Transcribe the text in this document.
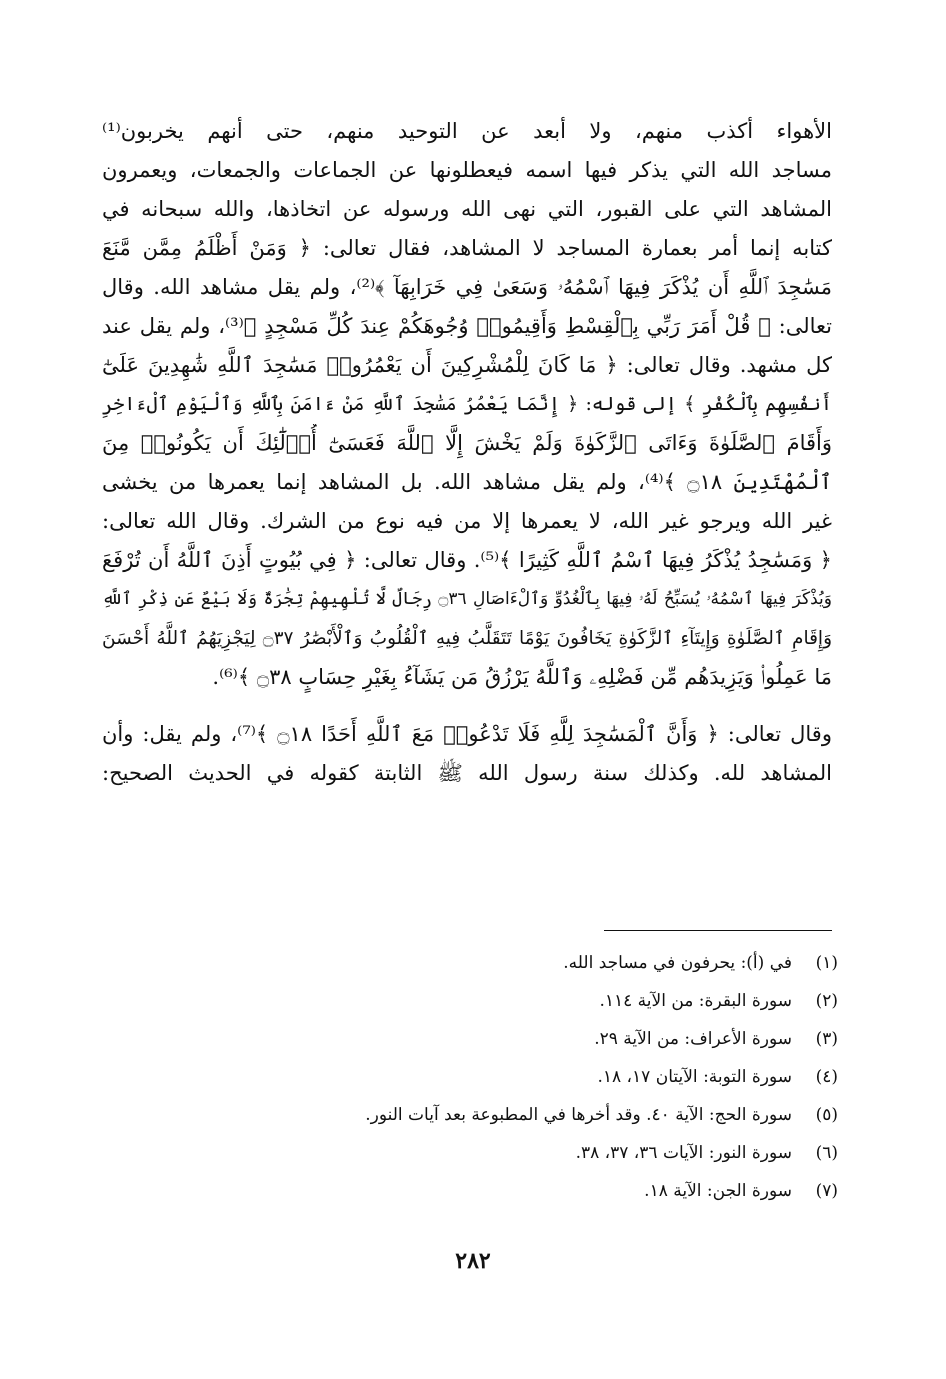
الأهواء أكذب منهم، ولا أبعد عن التوحيد منهم، حتى أنهم يخربون⁽¹⁾
مساجد الله التي يذكر فيها اسمه فيعطلونها عن الجماعات والجمعات، ويعمرون
المشاهد التي على القبور، التي نهى الله ورسوله عن اتخاذها، والله سبحانه في
كتابه إنما أمر بعمارة المساجد لا المشاهد، فقال تعالى: ﴿ وَمَنْ أَظْلَمُ مِمَّن مَّنَعَ
مَسَٰجِدَ ٱللَّهِ أَن يُذْكَرَ فِيهَا ٱسْمُهُۥ وَسَعَىٰ فِي خَرَابِهَآ ﴾⁽²⁾، ولم يقل مشاهد الله. وقال
تعالى: ﴿ قُلْ أَمَرَ رَبِّي بِٱلْقِسْطِ وَأَقِيمُوا۟ وُجُوهَكُمْ عِندَ كُلِّ مَسْجِدٍ ﴾⁽³⁾، ولم يقل عند
كل مشهد. وقال تعالى: ﴿ مَا كَانَ لِلْمُشْرِكِينَ أَن يَعْمُرُوا۟ مَسَٰجِدَ ٱللَّهِ شَٰهِدِينَ عَلَىٰٓ
أَنفُسِهِم بِٱلْكُفْرِ ﴾ إلى قوله: ﴿ إِنَّمَا يَعْمُرُ مَسَٰجِدَ ٱللَّهِ مَنْ ءَامَنَ بِٱللَّهِ وَٱلْيَوْمِ ٱلْءَاخِرِ
وَأَقَامَ ٱلصَّلَوٰةَ وَءَاتَى ٱلزَّكَوٰةَ وَلَمْ يَخْشَ إِلَّا ٱللَّهَ فَعَسَىٰٓ أُو۟لَٰٓئِكَ أَن يَكُونُوا۟ مِنَ
ٱلْمُهْتَدِينَ ۝١٨ ﴾⁽⁴⁾، ولم يقل مشاهد الله. بل المشاهد إنما يعمرها من يخشى
غير الله ويرجو غير الله، لا يعمرها إلا من فيه نوع من الشرك. وقال الله تعالى:
﴿ وَمَسَٰجِدُ يُذْكَرُ فِيهَا ٱسْمُ ٱللَّهِ كَثِيرًا ﴾⁽⁵⁾. وقال تعالى: ﴿ فِي بُيُوتٍ أَذِنَ ٱللَّهُ أَن تُرْفَعَ
وَيُذْكَرَ فِيهَا ٱسْمُهُۥ يُسَبِّحُ لَهُۥ فِيهَا بِٱلْغُدُوِّ وَٱلْءَاصَالِ ۝٣٦ رِجَالٌ لَّا تُلْهِيهِمْ تِجَٰرَةٌ وَلَا بَيْعٌ عَن ذِكْرِ ٱللَّهِ
وَإِقَامِ ٱلصَّلَوٰةِ وَإِيتَآءِ ٱلزَّكَوٰةِ يَخَافُونَ يَوْمًا تَتَقَلَّبُ فِيهِ ٱلْقُلُوبُ وَٱلْأَبْصَٰرُ ۝٣٧ لِيَجْزِيَهُمُ ٱللَّهُ أَحْسَنَ
مَا عَمِلُوا۟ وَيَزِيدَهُم مِّن فَضْلِهِۦ وَٱللَّهُ يَرْزُقُ مَن يَشَآءُ بِغَيْرِ حِسَابٍ ۝٣٨ ﴾⁽⁶⁾.
وقال تعالى: ﴿ وَأَنَّ ٱلْمَسَٰجِدَ لِلَّهِ فَلَا تَدْعُوا۟ مَعَ ٱللَّهِ أَحَدًا ۝١٨ ﴾⁽⁷⁾، ولم يقل: وأن
المشاهد لله. وكذلك سنة رسول الله ﷺ الثابتة كقوله في الحديث الصحيح:
(١)
في (أ): يحرفون في مساجد الله.
(٢)
سورة البقرة: من الآية ١١٤.
(٣)
سورة الأعراف: من الآية ٢٩.
(٤)
سورة التوبة: الآيتان ١٧، ١٨.
(٥)
سورة الحج: الآية ٤٠. وقد أخرها في المطبوعة بعد آيات النور.
(٦)
سورة النور: الآيات ٣٦، ٣٧، ٣٨.
(٧)
سورة الجن: الآية ١٨.
٢٨٢
